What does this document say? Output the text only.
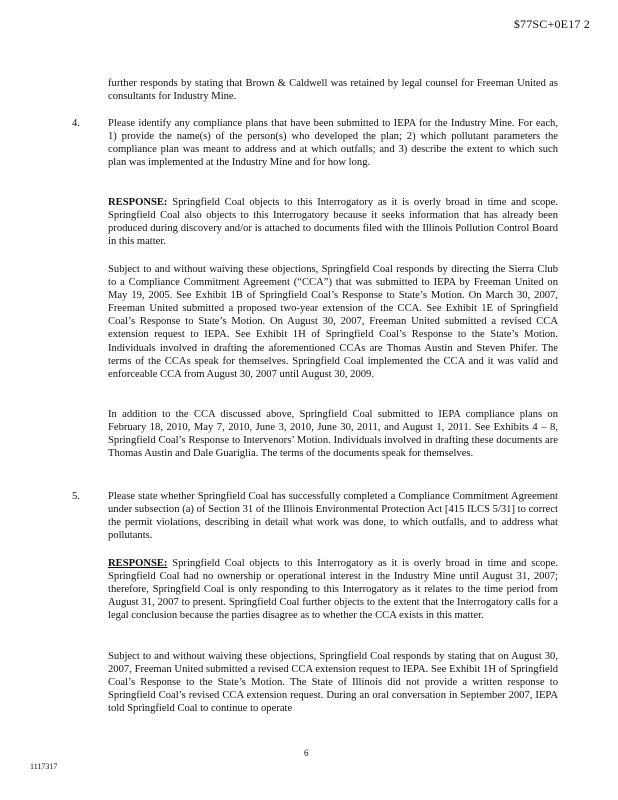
$77SC+0E17 2

further responds by stating that Brown & Caldwell was retained by legal counsel for Freeman United as consultants for Industry Mine.

4.	Please identify any compliance plans that have been submitted to IEPA for the Industry Mine. For each, 1) provide the name(s) of the person(s) who developed the plan; 2) which pollutant parameters the compliance plan was meant to address and at which outfalls; and 3) describe the extent to which such plan was implemented at the Industry Mine and for how long.

RESPONSE: Springfield Coal objects to this Interrogatory as it is overly broad in time and scope. Springfield Coal also objects to this Interrogatory because it seeks information that has already been produced during discovery and/or is attached to documents filed with the Illinois Pollution Control Board in this matter.

Subject to and without waiving these objections, Springfield Coal responds by directing the Sierra Club to a Compliance Commitment Agreement (“CCA”) that was submitted to IEPA by Freeman United on May 19, 2005. See Exhibit 1B of Springfield Coal’s Response to State’s Motion. On March 30, 2007, Freeman United submitted a proposed two-year extension of the CCA. See Exhibit 1E of Springfield Coal’s Response to State’s Motion. On August 30, 2007, Freeman United submitted a revised CCA extension request to IEPA. See Exhibit 1H of Springfield Coal’s Response to the State’s Motion. Individuals involved in drafting the aforementioned CCAs are Thomas Austin and Steven Phifer. The terms of the CCAs speak for themselves. Springfield Coal implemented the CCA and it was valid and enforceable CCA from August 30, 2007 until August 30, 2009.

In addition to the CCA discussed above, Springfield Coal submitted to IEPA compliance plans on February 18, 2010, May 7, 2010, June 3, 2010, June 30, 2011, and August 1, 2011. See Exhibits 4 – 8, Springfield Coal’s Response to Intervenors’ Motion. Individuals involved in drafting these documents are Thomas Austin and Dale Guariglia. The terms of the documents speak for themselves.

5.	Please state whether Springfield Coal has successfully completed a Compliance Commitment Agreement under subsection (a) of Section 31 of the Illinois Environmental Protection Act [415 ILCS 5/31] to correct the permit violations, describing in detail what work was done, to which outfalls, and to address what pollutants.

RESPONSE: Springfield Coal objects to this Interrogatory as it is overly broad in time and scope. Springfield Coal had no ownership or operational interest in the Industry Mine until August 31, 2007; therefore, Springfield Coal is only responding to this Interrogatory as it relates to the time period from August 31, 2007 to present. Springfield Coal further objects to the extent that the Interrogatory calls for a legal conclusion because the parties disagree as to whether the CCA exists in this matter.

Subject to and without waiving these objections, Springfield Coal responds by stating that on August 30, 2007, Freeman United submitted a revised CCA extension request to IEPA. See Exhibit 1H of Springfield Coal’s Response to the State’s Motion. The State of Illinois did not provide a written response to Springfield Coal’s revised CCA extension request. During an oral conversation in September 2007, IEPA told Springfield Coal to continue to operate

6
1117317
